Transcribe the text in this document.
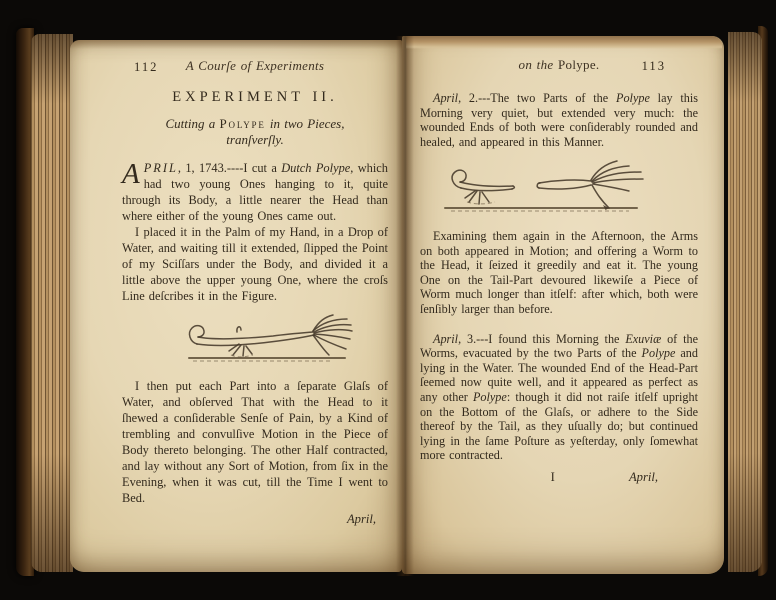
112	A Courſe of Experiments
EXPERIMENT II.
Cutting a Polype in two Pieces,
tranſverſly.

APRIL, 1, 1743.----I cut a Dutch Polype, which had two young Ones hanging to it, quite through its Body, a little nearer the Head than where either of the young Ones came out.

I placed it in the Palm of my Hand, in a Drop of Water, and waiting till it extended, ſlipped the Point of my Sciſſars under the Body, and divided it a little above the upper young One, where the croſs Line deſcribes it in the Figure.

I then put each Part into a ſeparate Glaſs of Water, and obſerved That with the Head to it ſhewed a conſiderable Senſe of Pain, by a Kind of trembling and convulſive Motion in the Piece of Body thereto belonging. The other Half contracted, and lay without any Sort of Motion, from ſix in the Evening, when it was cut, till the Time I went to Bed.

April,
on the Polype.	113

April, 2.---The two Parts of the Polype lay this Morning very quiet, but extended very much: the wounded Ends of both were conſiderably rounded and healed, and appeared in this Manner.

Examining them again in the Afternoon, the Arms on both appeared in Motion; and offering a Worm to the Head, it ſeized it greedily and eat it. The young One on the Tail-Part devoured likewiſe a Piece of Worm much longer than itſelf: after which, both were ſenſibly larger than before.

April, 3.---I found this Morning the Exuviæ of the Worms, evacuated by the two Parts of the Polype and lying in the Water. The wounded End of the Head-Part ſeemed now quite well, and it appeared as perfect as any other Polype: though it did not raiſe itſelf upright on the Bottom of the Glaſs, or adhere to the Side thereof by the Tail, as they uſually do; but continued lying in the ſame Poſture as yeſterday, only ſomewhat more contracted.

I	April,
